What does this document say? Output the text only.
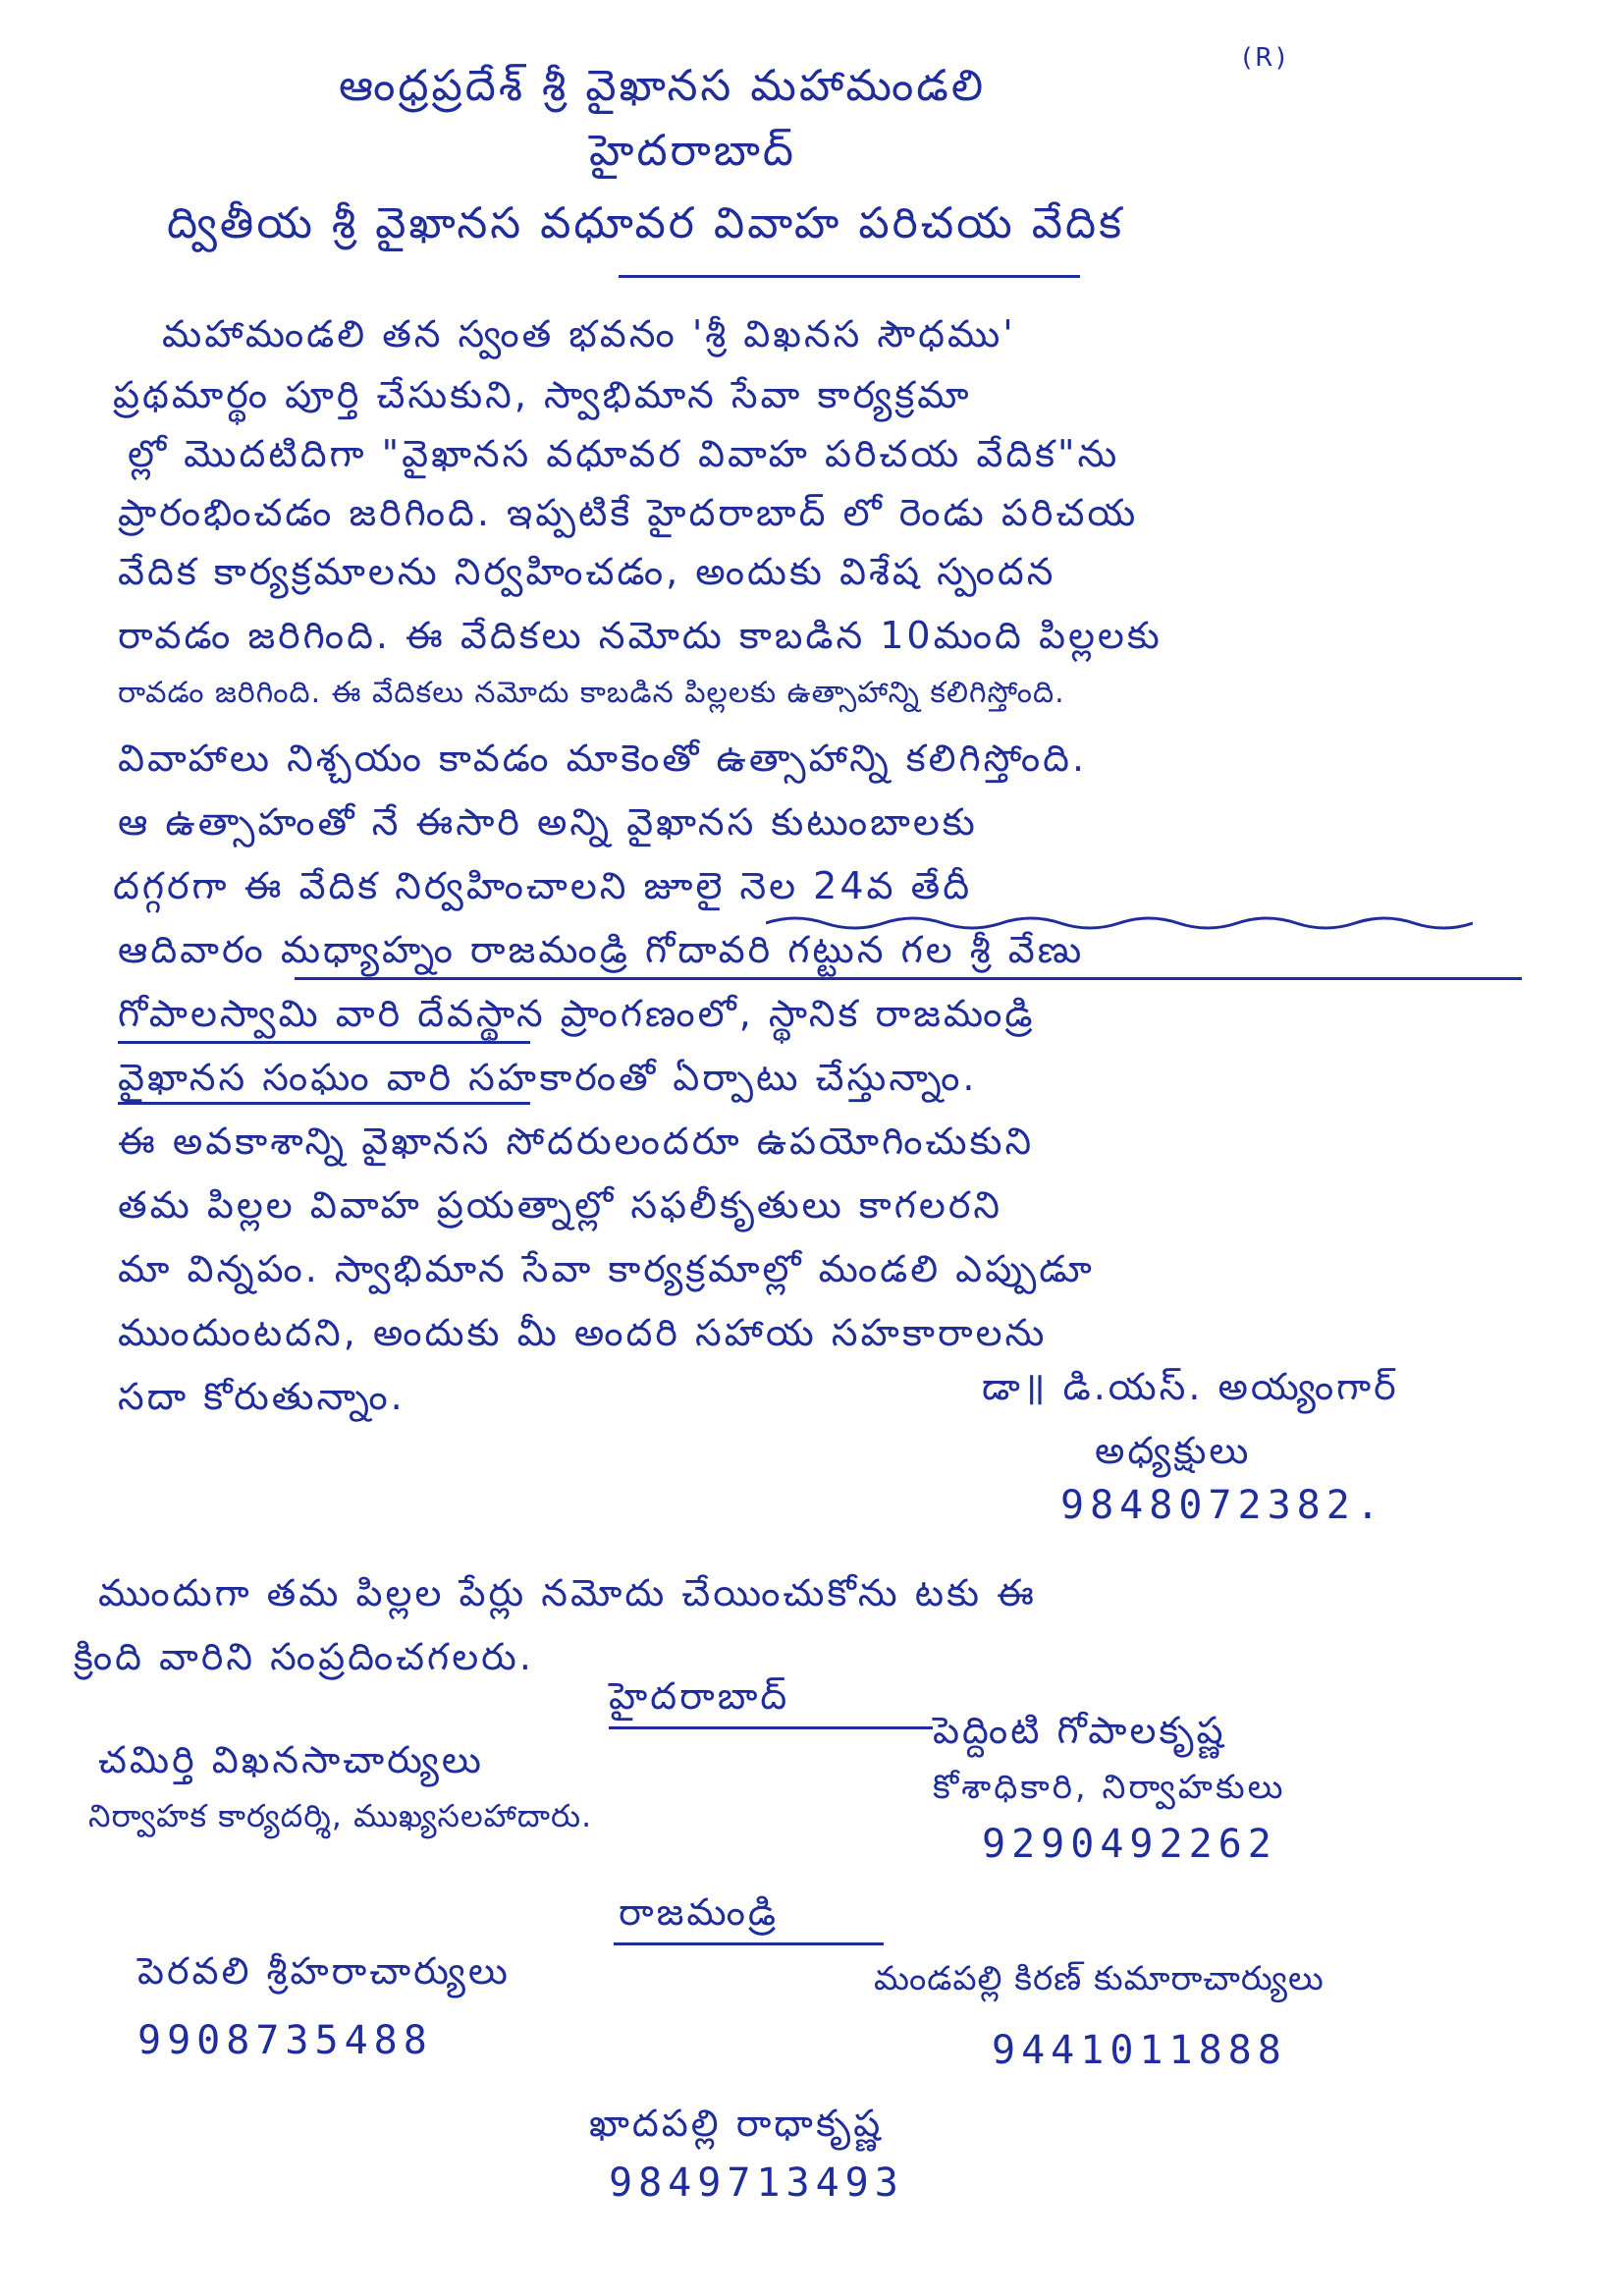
ఆంధ్రప్రదేశ్ శ్రీ వైఖానస మహామండలి
(R)
హైదరాబాద్
ద్వితీయ శ్రీ వైఖానస వధూవర వివాహ పరిచయ వేదిక
మహామండలి తన స్వంత భవనం 'శ్రీ విఖనస సౌధము'
ప్రథమార్థం పూర్తి చేసుకుని, స్వాభిమాన సేవా కార్యక్రమా
ల్లో మొదటిదిగా "వైఖానస వధూవర వివాహ పరిచయ వేదిక"ను
ప్రారంభించడం జరిగింది. ఇప్పటికే హైదరాబాద్ లో రెండు పరిచయ
వేదిక కార్యక్రమాలను నిర్వహించడం, అందుకు విశేష స్పందన
రావడం జరిగింది. ఈ వేదికలు నమోదు కాబడిన 10మంది పిల్లలకు
రావడం జరిగింది. ఈ వేదికలు నమోదు కాబడిన పిల్లలకు ఉత్సాహాన్ని కలిగిస్తోంది.
వివాహాలు నిశ్చయం కావడం మాకెంతో ఉత్సాహాన్ని కలిగిస్తోంది.
ఆ ఉత్సాహంతో నే ఈసారి అన్ని వైఖానస కుటుంబాలకు
దగ్గరగా ఈ వేదిక నిర్వహించాలని జూలై నెల 24వ తేదీ
ఆదివారం మధ్యాహ్నం రాజమండ్రి గోదావరి గట్టున గల శ్రీ వేణు
గోపాలస్వామి వారి దేవస్థాన ప్రాంగణంలో, స్థానిక రాజమండ్రి
వైఖానస సంఘం వారి సహకారంతో ఏర్పాటు చేస్తున్నాం.
ఈ అవకాశాన్ని వైఖానస సోదరులందరూ ఉపయోగించుకుని
తమ పిల్లల వివాహ ప్రయత్నాల్లో సఫలీకృతులు కాగలరని
మా విన్నపం. స్వాభిమాన సేవా కార్యక్రమాల్లో మండలి ఎప్పుడూ
ముందుంటదని, అందుకు మీ అందరి సహాయ సహకారాలను
సదా కోరుతున్నాం.	డా॥ డి.యస్. అయ్యంగార్
అధ్యక్షులు
9848072382.
ముందుగా తమ పిల్లల పేర్లు నమోదు చేయించుకోను టకు ఈ
క్రింది వారిని సంప్రదించగలరు.
హైదరాబాద్
చమిర్తి విఖనసాచార్యులు
నిర్వాహక కార్యదర్శి, ముఖ్యసలహాదారు.
పెద్దింటి గోపాలకృష్ణ
కోశాధికారి, నిర్వాహకులు
9290492262
రాజమండ్రి
పెరవలి శ్రీహరాచార్యులు
9908735488
మండపల్లి కిరణ్ కుమారాచార్యులు
9441011888
ఖాదపల్లి రాధాకృష్ణ
9849713493
